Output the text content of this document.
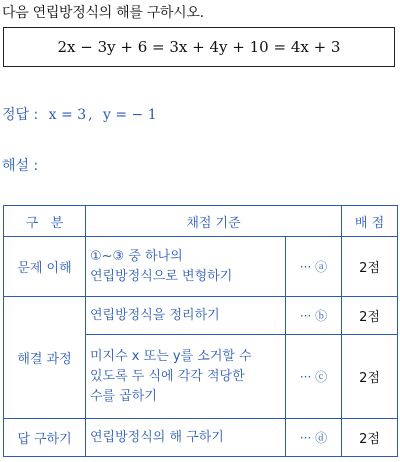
다음 연립방정식의 해를 구하시오.
2x − 3y + 6 = 3x + 4y + 10 = 4x + 3
정답 : x = 3 , y = − 1
해설 :
구   분	채점 기준		배 점
문제 이해	①~③ 중 하나의
연립방정식으로 변형하기	··· ⓐ	2점
해결 과정	연립방정식을 정리하기	··· ⓑ	2점

	미지수 x 또는 y를 소거할 수
있도록 두 식에 각각 적당한
수를 곱하기	··· ⓒ	2점
답 구하기	연립방정식의 해 구하기	··· ⓓ	2점
